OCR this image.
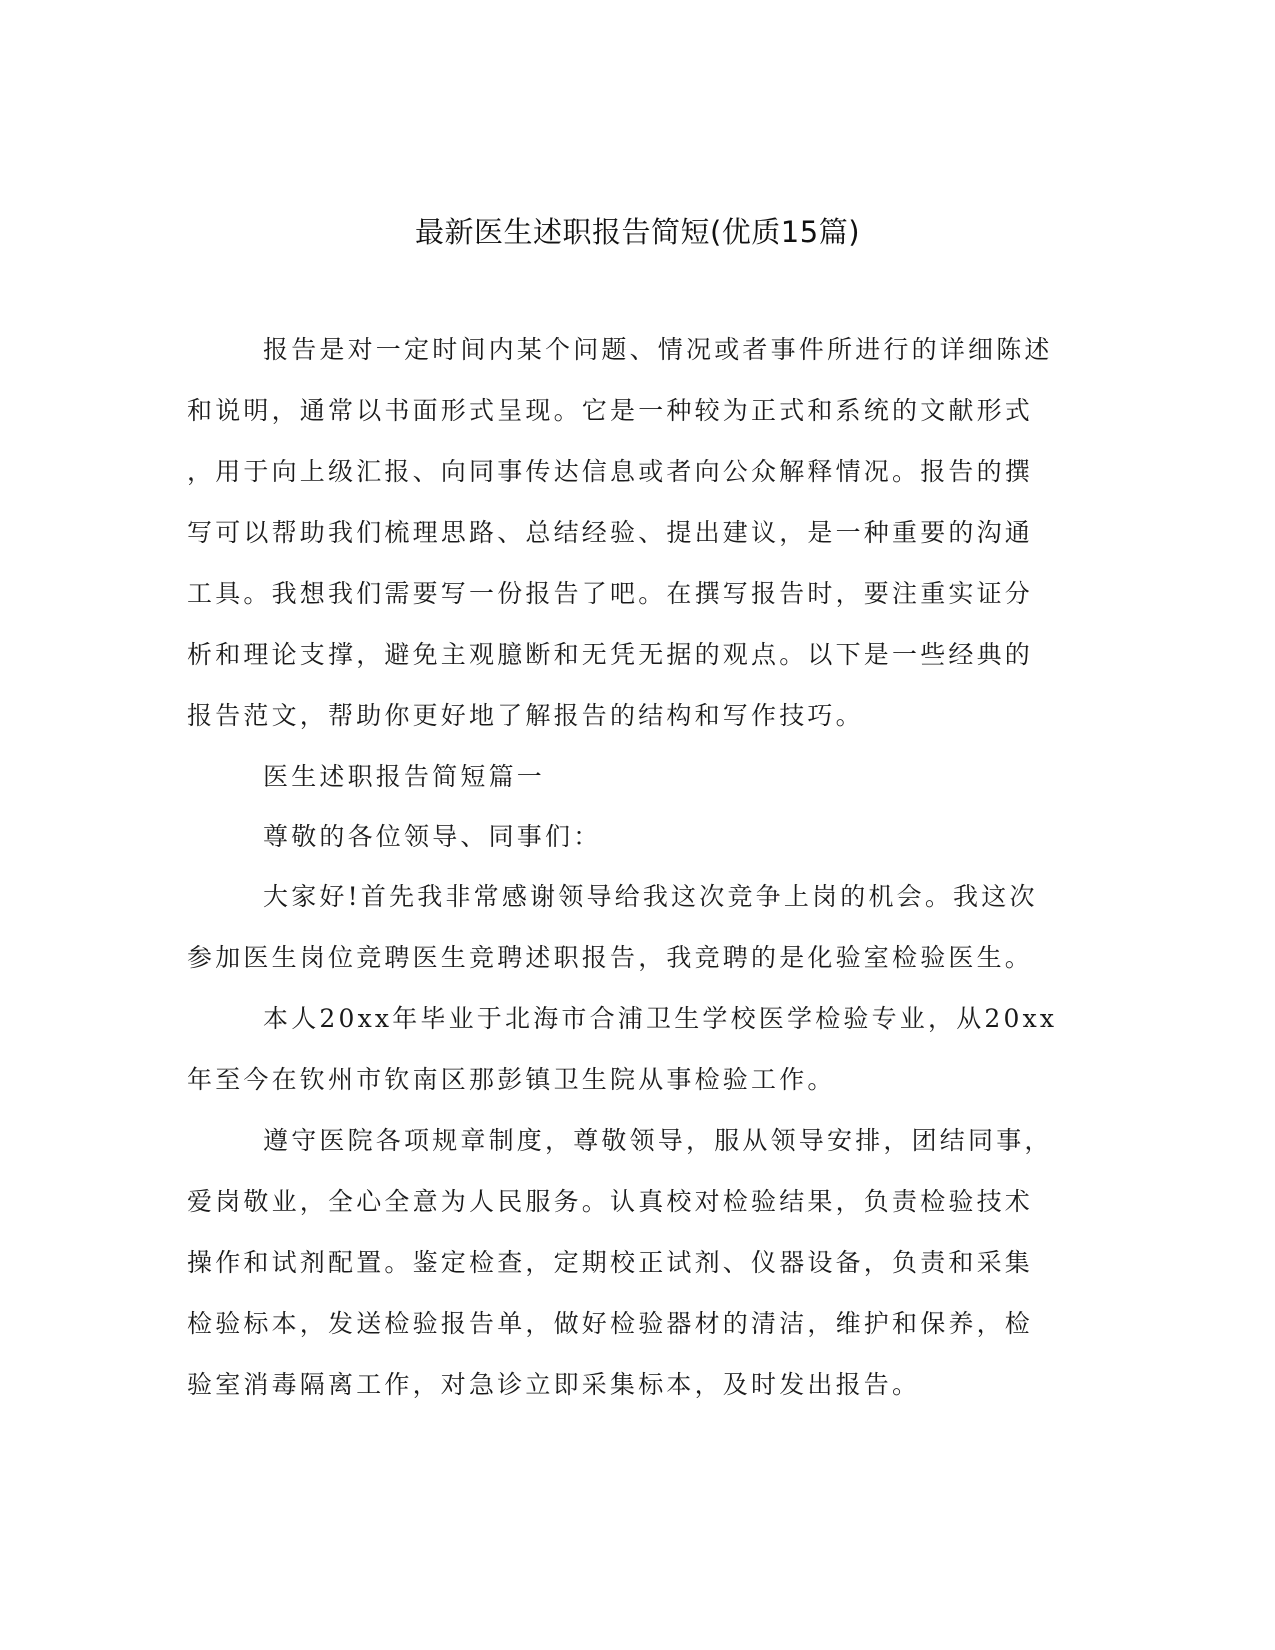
最新医生述职报告简短(优质15篇)
报告是对一定时间内某个问题、情况或者事件所进行的详细陈述
和说明，通常以书面形式呈现。它是一种较为正式和系统的文献形式
，用于向上级汇报、向同事传达信息或者向公众解释情况。报告的撰
写可以帮助我们梳理思路、总结经验、提出建议，是一种重要的沟通
工具。我想我们需要写一份报告了吧。在撰写报告时，要注重实证分
析和理论支撑，避免主观臆断和无凭无据的观点。以下是一些经典的
报告范文，帮助你更好地了解报告的结构和写作技巧。
医生述职报告简短篇一
尊敬的各位领导、同事们：
大家好!首先我非常感谢领导给我这次竞争上岗的机会。我这次
参加医生岗位竞聘医生竞聘述职报告，我竞聘的是化验室检验医生。
本人20xx年毕业于北海市合浦卫生学校医学检验专业，从20xx
年至今在钦州市钦南区那彭镇卫生院从事检验工作。
遵守医院各项规章制度，尊敬领导，服从领导安排，团结同事，
爱岗敬业，全心全意为人民服务。认真校对检验结果，负责检验技术
操作和试剂配置。鉴定检查，定期校正试剂、仪器设备，负责和采集
检验标本，发送检验报告单，做好检验器材的清洁，维护和保养，检
验室消毒隔离工作，对急诊立即采集标本，及时发出报告。
